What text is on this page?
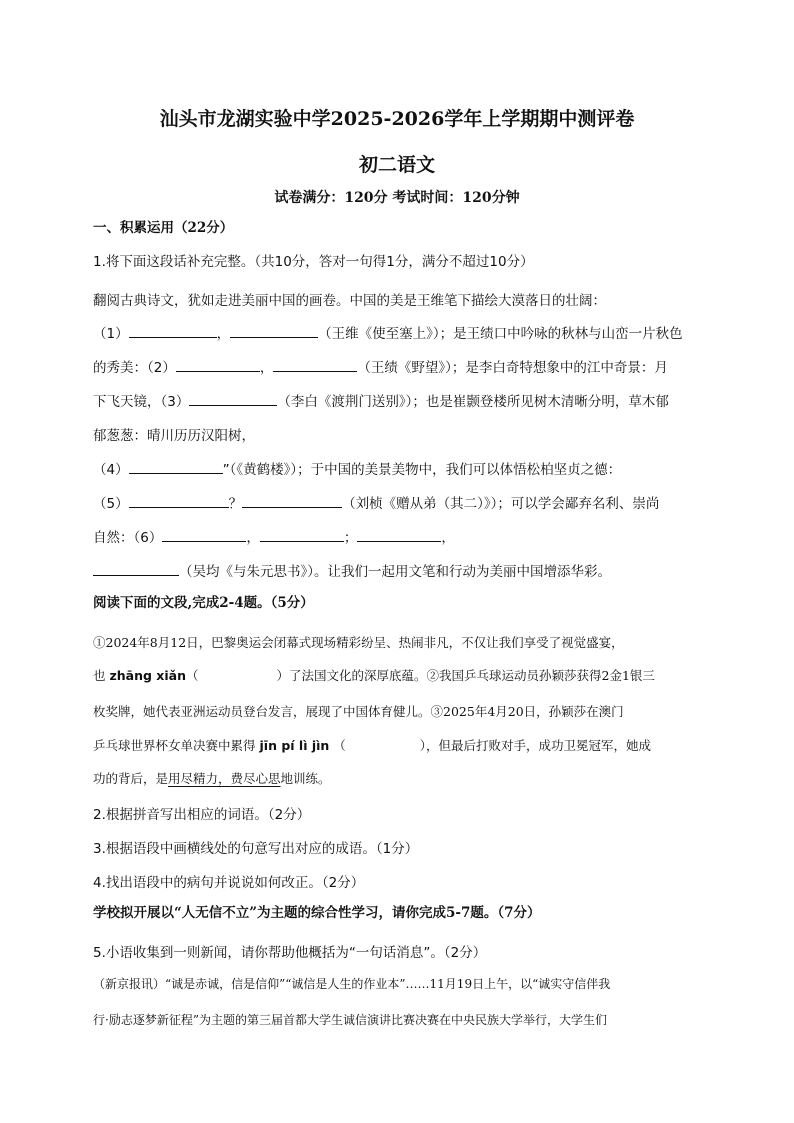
汕头市龙湖实验中学2025-2026学年上学期期中测评卷
初二语文
试卷满分：120分 考试时间：120分钟
一、积累运用（22分）
1.将下面这段话补充完整。（共10分，答对一句得1分，满分不超过10分）
翻阅古典诗文，犹如走进美丽中国的画卷。中国的美是王维笔下描绘大漠落日的壮阔：
（1）	，	（王维《使至塞上》）；是王绩口中吟咏的秋林与山峦一片秋色
的秀美：（2）	，	（王绩《野望》）；是李白奇特想象中的江中奇景：月
下飞天镜，（3）	（李白《渡荆门送别》）；也是崔颢登楼所见树木清晰分明，草木郁
郁葱葱：晴川历历汉阳树，
（4）	”（《黄鹤楼》）；于中国的美景美物中，我们可以体悟松柏坚贞之德：
（5）	？	（刘桢《赠从弟（其二）》）；可以学会鄙弃名利、崇尚
自然：（6）	，	；	，
（吴均《与朱元思书》）。让我们一起用文笔和行动为美丽中国增添华彩。
阅读下面的文段,完成2-4题。（5分）
①2024年8月12日，巴黎奥运会闭幕式现场精彩纷呈、热闹非凡，不仅让我们享受了视觉盛宴，
也 zhāng xiǎn（	）了法国文化的深厚底蕴。②我国乒乓球运动员孙颖莎获得2金1银三
枚奖牌，她代表亚洲运动员登台发言，展现了中国体育健儿。③2025年4月20日，孙颖莎在澳门
乒乓球世界杯女单决赛中累得 jīn pí lì jìn （	），但最后打败对手，成功卫冕冠军，她成
功的背后，是用尽精力，费尽心思地训练。
2.根据拼音写出相应的词语。（2分）
3.根据语段中画横线处的句意写出对应的成语。（1分）
4.找出语段中的病句并说说如何改正。（2分）
学校拟开展以“人无信不立”为主题的综合性学习，请你完成5-7题。（7分）
5.小语收集到一则新闻，请你帮助他概括为“一句话消息”。（2分）
（新京报讯）“诚是赤诚，信是信仰”“诚信是人生的作业本”……11月19日上午，以“诚实守信伴我
行·励志逐梦新征程”为主题的第三届首都大学生诚信演讲比赛决赛在中央民族大学举行，大学生们
